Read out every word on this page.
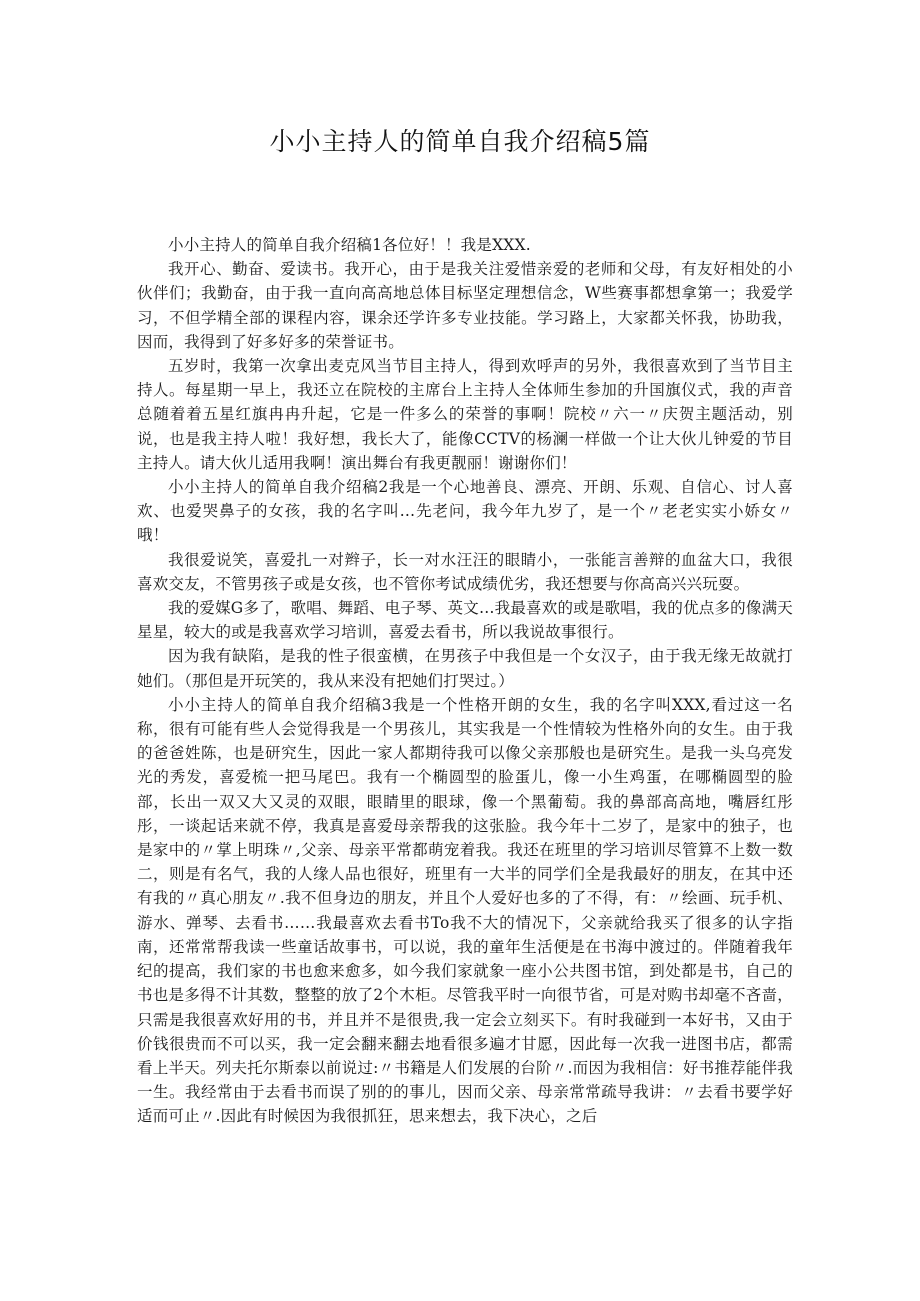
小小主持人的简单自我介绍稿5篇

小小主持人的简单自我介绍稿1各位好！！我是XXX.

我开心、勤奋、爱读书。我开心，由于是我关注爱惜亲爱的老师和父母，有友好相处的小伙伴们；我勤奋，由于我一直向高高地总体目标坚定理想信念，W些赛事都想拿第一；我爱学习，不但学精全部的课程内容，课余还学许多专业技能。学习路上，大家都关怀我，协助我，因而，我得到了好多好多的荣誉证书。

五岁时，我第一次拿出麦克风当节目主持人，得到欢呼声的另外，我很喜欢到了当节目主持人。每星期一早上，我还立在院校的主席台上主持人全体师生参加的升国旗仪式，我的声音总随着着五星红旗冉冉升起，它是一件多么的荣誉的事啊！院校〃六一〃庆贺主题活动，别说，也是我主持人啦！我好想，我长大了，能像CCTV的杨澜一样做一个让大伙儿钟爱的节目主持人。请大伙儿适用我啊！演出舞台有我更靓丽！谢谢你们！

小小主持人的简单自我介绍稿2我是一个心地善良、漂亮、开朗、乐观、自信心、讨人喜欢、也爱哭鼻子的女孩，我的名字叫…先老问，我今年九岁了，是一个〃老老实实小娇女〃哦！

我很爱说笑，喜爱扎一对辫子，长一对水汪汪的眼睛小，一张能言善辩的血盆大口，我很喜欢交友，不管男孩子或是女孩，也不管你考试成绩优劣，我还想要与你高高兴兴玩耍。

我的爱媒G多了，歌唱、舞蹈、电子琴、英文…我最喜欢的或是歌唱，我的优点多的像满天星星，较大的或是我喜欢学习培训，喜爱去看书，所以我说故事很行。

因为我有缺陷，是我的性子很蛮横，在男孩子中我但是一个女汉子，由于我无缘无故就打她们。（那但是开玩笑的，我从来没有把她们打哭过。）

小小主持人的简单自我介绍稿3我是一个性格开朗的女生，我的名字叫XXX,看过这一名称，很有可能有些人会觉得我是一个男孩儿，其实我是一个性情较为性格外向的女生。由于我的爸爸姓陈，也是研究生，因此一家人都期待我可以像父亲那般也是研究生。是我一头乌亮发光的秀发，喜爱梳一把马尾巴。我有一个椭圆型的脸蛋儿，像一小生鸡蛋，在哪椭圆型的脸部，长出一双又大又灵的双眼，眼睛里的眼球，像一个黑葡萄。我的鼻部高高地，嘴唇红彤彤，一谈起话来就不停，我真是喜爱母亲帮我的这张脸。我今年十二岁了，是家中的独子，也是家中的〃掌上明珠〃,父亲、母亲平常都萌宠着我。我还在班里的学习培训尽管算不上数一数二，则是有名气，我的人缘人品也很好，班里有一大半的同学们全是我最好的朋友，在其中还有我的〃真心朋友〃.我不但身边的朋友，并且个人爱好也多的了不得，有：〃绘画、玩手机、游水、弹琴、去看书……我最喜欢去看书To我不大的情况下，父亲就给我买了很多的认字指南，还常常帮我读一些童话故事书，可以说，我的童年生活便是在书海中渡过的。伴随着我年纪的提高，我们家的书也愈来愈多，如今我们家就象一座小公共图书馆，到处都是书，自己的书也是多得不计其数，整整的放了2个木柜。尽管我平时一向很节省，可是对购书却毫不吝啬，只需是我很喜欢好用的书，并且并不是很贵,我一定会立刻买下。有时我碰到一本好书，又由于价钱很贵而不可以买，我一定会翻来翻去地看很多遍才甘愿，因此每一次我一进图书店，都需看上半天。列夫托尔斯泰以前说过:〃书籍是人们发展的台阶〃.而因为我相信：好书推荐能伴我一生。我经常由于去看书而误了别的的事儿，因而父亲、母亲常常疏导我讲：〃去看书要学好适而可止〃.因此有时候因为我很抓狂，思来想去，我下决心，之后
